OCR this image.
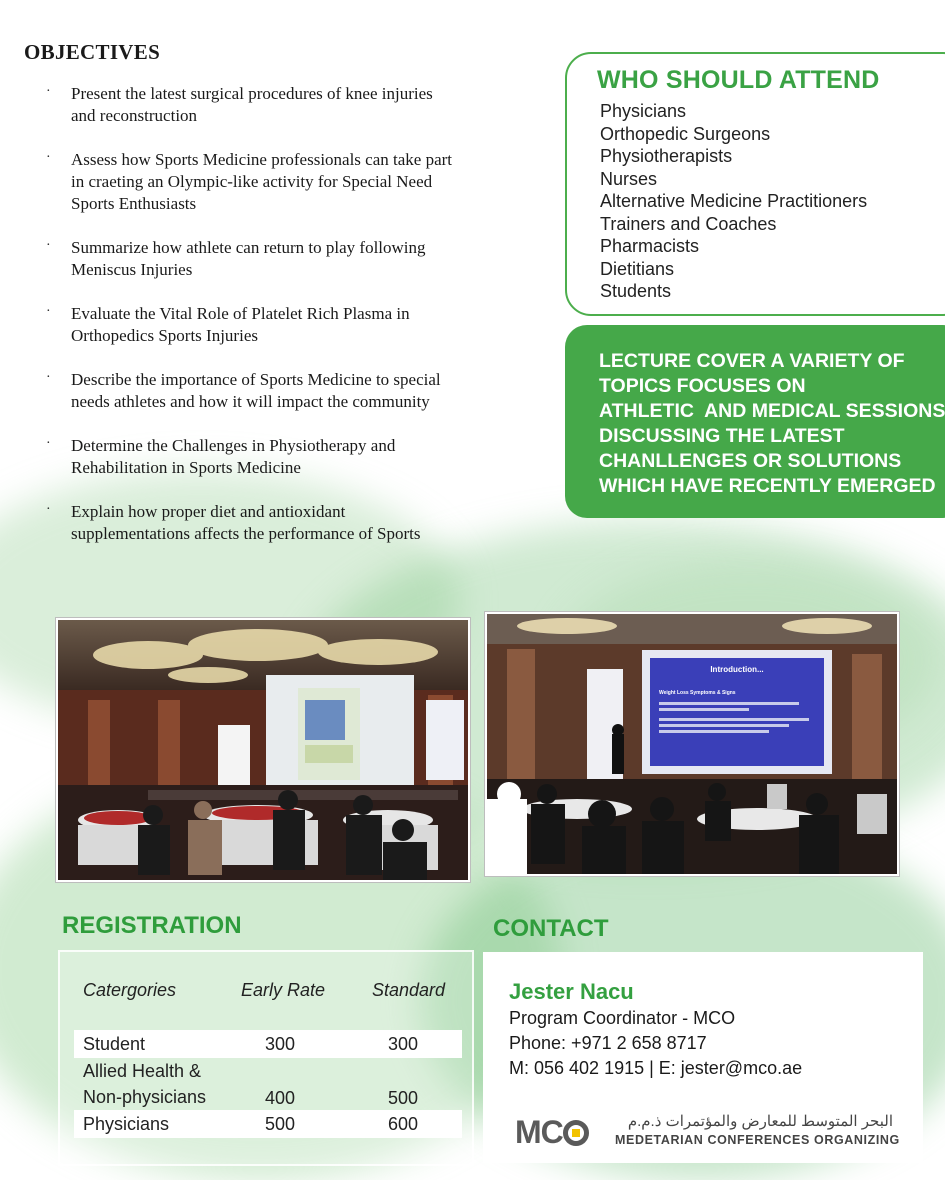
OBJECTIVES
· Present the latest surgical procedures of knee injuries
and reconstruction
· Assess how Sports Medicine professionals can take part
in craeting an Olympic-like activity for Special Need
Sports Enthusiasts
· Summarize how athlete can return to play following
Meniscus Injuries
· Evaluate the Vital Role of Platelet Rich Plasma in
Orthopedics Sports Injuries
· Describe the importance of Sports Medicine to special
needs athletes and how it will impact the community
· Determine the Challenges in Physiotherapy and
Rehabilitation in Sports Medicine
· Explain how proper diet and antioxidant
supplementations affects the performance of Sports
WHO SHOULD ATTEND
Physicians
Orthopedic Surgeons
Physiotherapists
Nurses
Alternative Medicine Practitioners
Trainers and Coaches
Pharmacists
Dietitians
Students
LECTURE COVER A VARIETY OF
TOPICS FOCUSES ON
ATHLETIC  AND MEDICAL SESSIONS
DISCUSSING THE LATEST
CHANLLENGES OR SOLUTIONS
WHICH HAVE RECENTLY EMERGED
Introduction...
Weight Loss Symptoms & Signs
REGISTRATION
Catergories	Early Rate	Standard
Student	300	300
Allied Health &
Non-physicians	400	500
Physicians	500	600
CONTACT
Jester Nacu
Program Coordinator - MCO
Phone: +971 2 658 8717
M: 056 402 1915 | E: jester@mco.ae
MC	البحر المتوسط للمعارض والمؤتمرات ذ.م.م
MEDETARIAN CONFERENCES ORGANIZING
